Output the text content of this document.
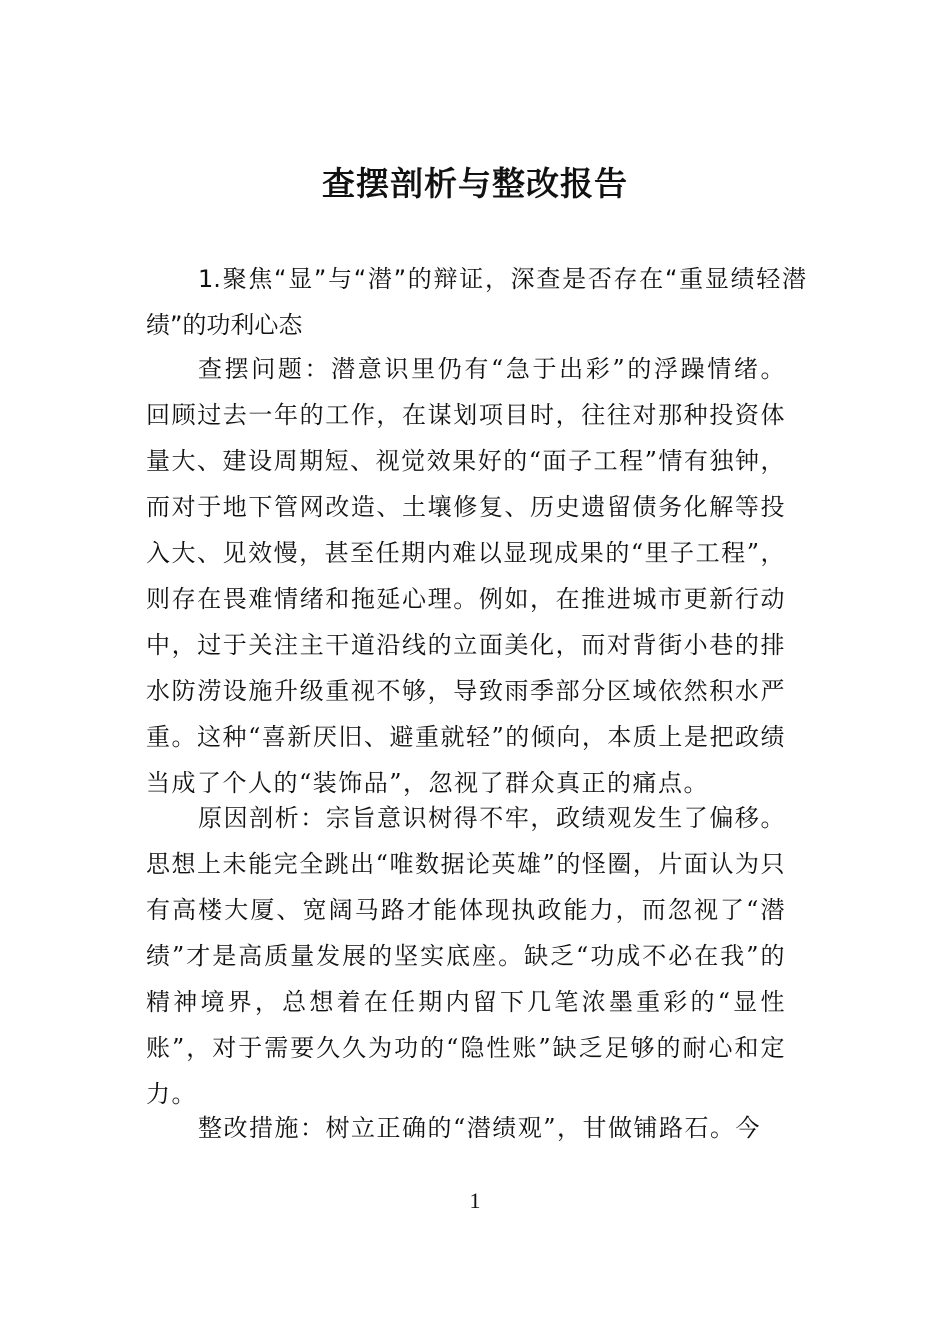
查摆剖析与整改报告

1.聚焦“显”与“潜”的辩证，深查是否存在“重显绩轻潜绩”的功利心态

查摆问题：潜意识里仍有“急于出彩”的浮躁情绪。回顾过去一年的工作，在谋划项目时，往往对那种投资体量大、建设周期短、视觉效果好的“面子工程”情有独钟，而对于地下管网改造、土壤修复、历史遗留债务化解等投入大、见效慢，甚至任期内难以显现成果的“里子工程”，则存在畏难情绪和拖延心理。例如，在推进城市更新行动中，过于关注主干道沿线的立面美化，而对背街小巷的排水防涝设施升级重视不够，导致雨季部分区域依然积水严重。这种“喜新厌旧、避重就轻”的倾向，本质上是把政绩当成了个人的“装饰品”，忽视了群众真正的痛点。

原因剖析：宗旨意识树得不牢，政绩观发生了偏移。思想上未能完全跳出“唯数据论英雄”的怪圈，片面认为只有高楼大厦、宽阔马路才能体现执政能力，而忽视了“潜绩”才是高质量发展的坚实底座。缺乏“功成不必在我”的精神境界，总想着在任期内留下几笔浓墨重彩的“显性账”，对于需要久久为功的“隐性账”缺乏足够的耐心和定力。

整改措施：树立正确的“潜绩观”，甘做铺路石。今

1
